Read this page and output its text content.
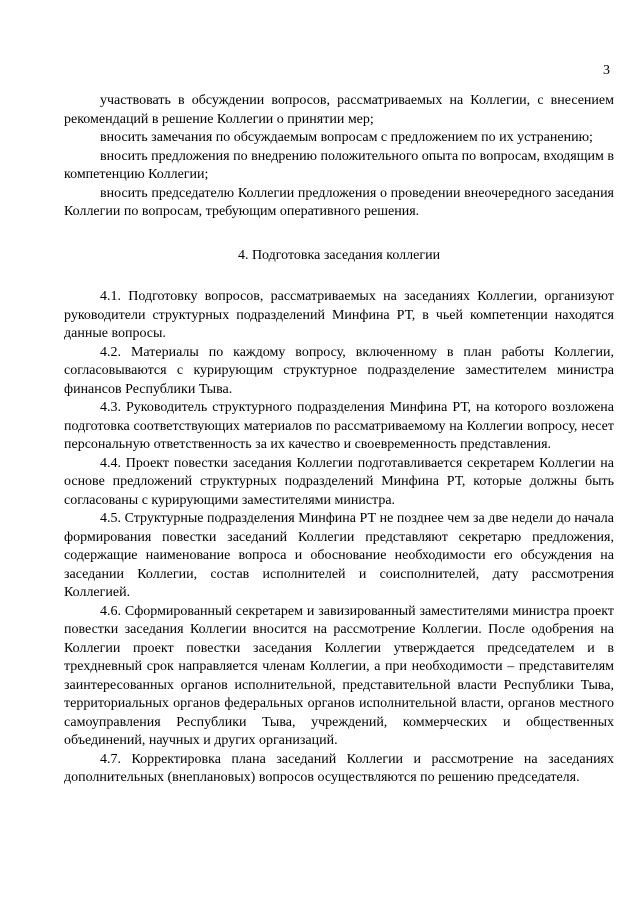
3

участвовать в обсуждении вопросов, рассматриваемых на Коллегии, с внесением рекомендаций в решение Коллегии о принятии мер;

вносить замечания по обсуждаемым вопросам с предложением по их устранению;

вносить предложения по внедрению положительного опыта по вопросам, входящим в компетенцию Коллегии;

вносить председателю Коллегии предложения о проведении внеочередного заседания Коллегии по вопросам, требующим оперативного решения.

4. Подготовка заседания коллегии

4.1. Подготовку вопросов, рассматриваемых на заседаниях Коллегии, организуют руководители структурных подразделений Минфина РТ, в чьей компетенции находятся данные вопросы.

4.2. Материалы по каждому вопросу, включенному в план работы Коллегии, согласовываются с курирующим структурное подразделение заместителем министра финансов Республики Тыва.

4.3. Руководитель структурного подразделения Минфина РТ, на которого возложена подготовка соответствующих материалов по рассматриваемому на Коллегии вопросу, несет персональную ответственность за их качество и своевременность представления.

4.4. Проект повестки заседания Коллегии подготавливается секретарем Коллегии на основе предложений структурных подразделений Минфина РТ, которые должны быть согласованы с курирующими заместителями министра.

4.5. Структурные подразделения Минфина РТ не позднее чем за две недели до начала формирования повестки заседаний Коллегии представляют секретарю предложения, содержащие наименование вопроса и обоснование необходимости его обсуждения на заседании Коллегии, состав исполнителей и соисполнителей, дату рассмотрения Коллегией.

4.6. Сформированный секретарем и завизированный заместителями министра проект повестки заседания Коллегии вносится на рассмотрение Коллегии. После одобрения на Коллегии проект повестки заседания Коллегии утверждается председателем и в трехдневный срок направляется членам Коллегии, а при необходимости – представителям заинтересованных органов исполнительной, представительной власти Республики Тыва, территориальных органов федеральных органов исполнительной власти, органов местного самоуправления Республики Тыва, учреждений, коммерческих и общественных объединений, научных и других организаций.

4.7. Корректировка плана заседаний Коллегии и рассмотрение на заседаниях дополнительных (внеплановых) вопросов осуществляются по решению председателя.
